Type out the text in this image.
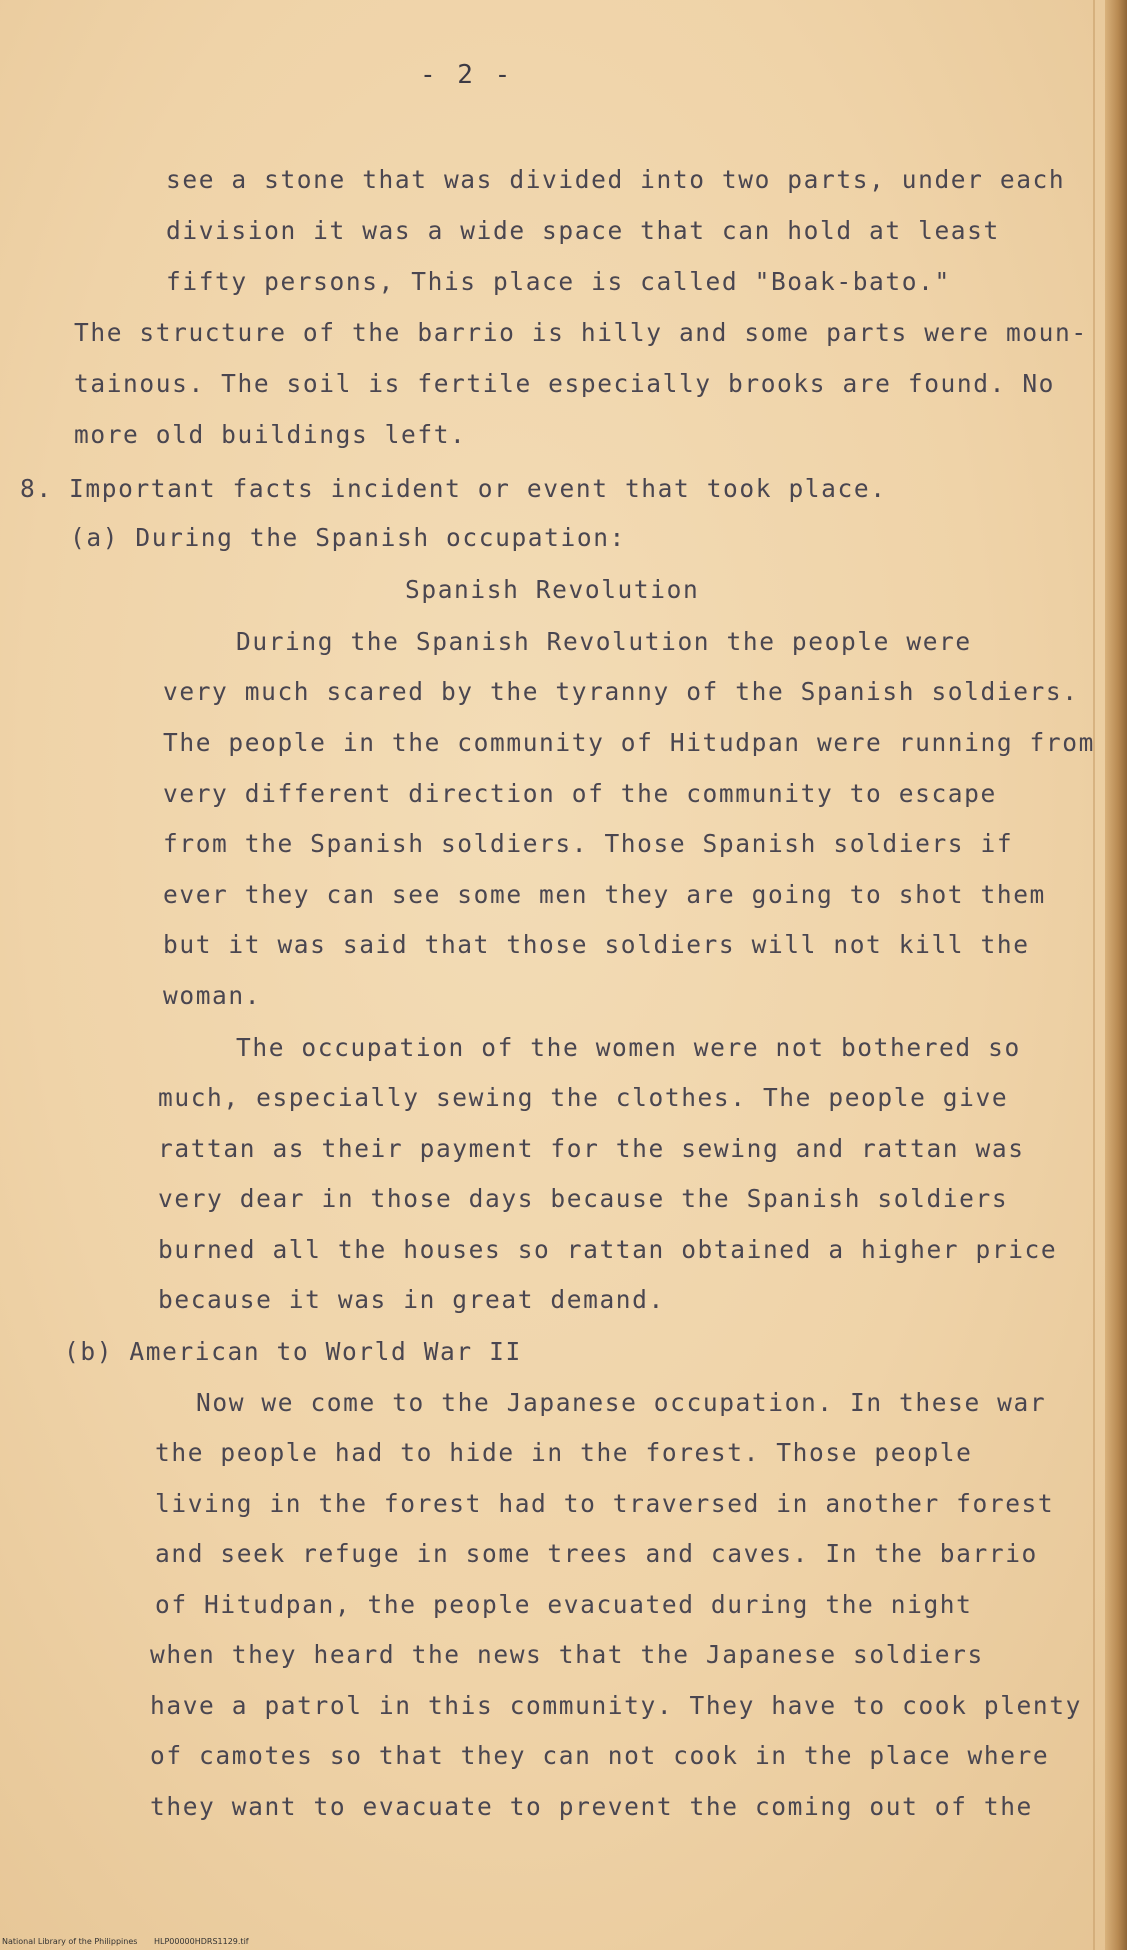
- 2 -
see a stone that was divided into two parts, under each
division it was a wide space that can hold at least
fifty persons, This place is called "Boak-bato."
The structure of the barrio is hilly and some parts were moun-
tainous. The soil is fertile especially brooks are found. No
more old buildings left.
8. Important facts incident or event that took place.
(a) During the Spanish occupation:
Spanish Revolution
During the Spanish Revolution the people were
very much scared by the tyranny of the Spanish soldiers.
The people in the community of Hitudpan were running from
very different direction of the community to escape
from the Spanish soldiers. Those Spanish soldiers if
ever they can see some men they are going to shot them
but it was said that those soldiers will not kill the
woman.
The occupation of the women were not bothered so
much, especially sewing the clothes. The people give
rattan as their payment for the sewing and rattan was
very dear in those days because the Spanish soldiers
burned all the houses so rattan obtained a higher price
because it was in great demand.
(b) American to World War II
Now we come to the Japanese occupation. In these war
the people had to hide in the forest. Those people
living in the forest had to traversed in another forest
and seek refuge in some trees and caves. In the barrio
of Hitudpan, the people evacuated during the night
when they heard the news that the Japanese soldiers
have a patrol in this community. They have to cook plenty
of camotes so that they can not cook in the place where
they want to evacuate to prevent the coming out of the
National Library of the Philippines HLP00000HDRS1129.tif
